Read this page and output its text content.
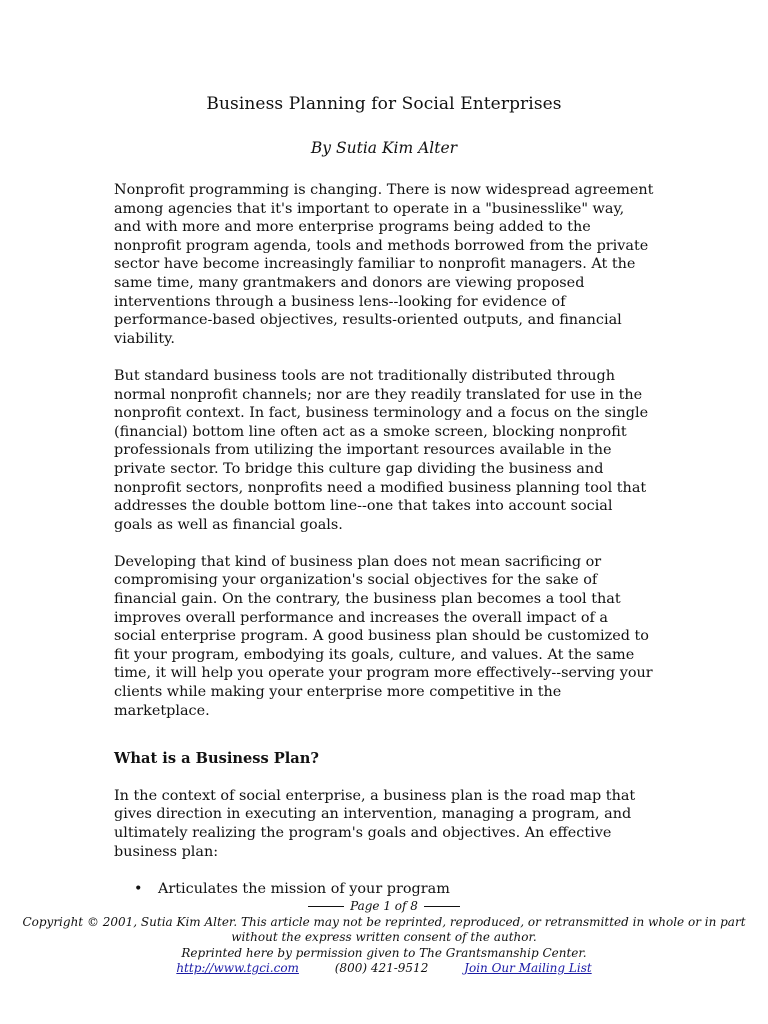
Business Planning for Social Enterprises
By Sutia Kim Alter

Nonprofit programming is changing. There is now widespread agreement among agencies that it's important to operate in a "businesslike" way, and with more and more enterprise programs being added to the nonprofit program agenda, tools and methods borrowed from the private sector have become increasingly familiar to nonprofit managers. At the same time, many grantmakers and donors are viewing proposed interventions through a business lens--looking for evidence of performance-based objectives, results-oriented outputs, and financial viability.

But standard business tools are not traditionally distributed through normal nonprofit channels; nor are they readily translated for use in the nonprofit context. In fact, business terminology and a focus on the single (financial) bottom line often act as a smoke screen, blocking nonprofit professionals from utilizing the important resources available in the private sector. To bridge this culture gap dividing the business and nonprofit sectors, nonprofits need a modified business planning tool that addresses the double bottom line--one that takes into account social goals as well as financial goals.

Developing that kind of business plan does not mean sacrificing or compromising your organization's social objectives for the sake of financial gain. On the contrary, the business plan becomes a tool that improves overall performance and increases the overall impact of a social enterprise program. A good business plan should be customized to fit your program, embodying its goals, culture, and values. At the same time, it will help you operate your program more effectively--serving your clients while making your enterprise more competitive in the marketplace.

What is a Business Plan?

In the context of social enterprise, a business plan is the road map that gives direction in executing an intervention, managing a program, and ultimately realizing the program's goals and objectives. An effective business plan:

• Articulates the mission of your program
Page 1 of 8
Copyright © 2001, Sutia Kim Alter. This article may not be reprinted, reproduced, or retransmitted in whole or in part without the express written consent of the author.
Reprinted here by permission given to The Grantsmanship Center.
http://www.tgci.com	(800) 421-9512	Join Our Mailing List
